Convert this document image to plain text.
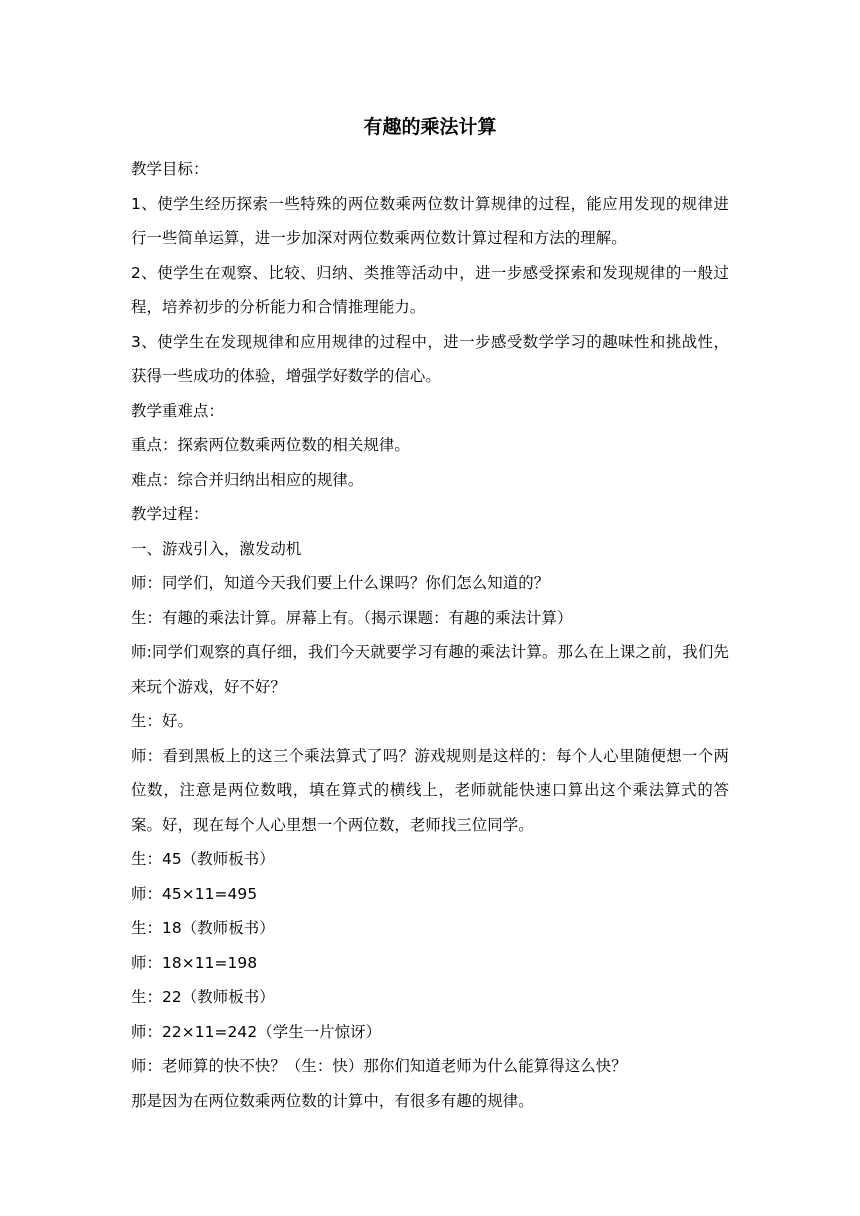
有趣的乘法计算

教学目标：

1、使学生经历探索一些特殊的两位数乘两位数计算规律的过程，能应用发现的规律进行一些简单运算，进一步加深对两位数乘两位数计算过程和方法的理解。

2、使学生在观察、比较、归纳、类推等活动中，进一步感受探索和发现规律的一般过程，培养初步的分析能力和合情推理能力。

3、使学生在发现规律和应用规律的过程中，进一步感受数学学习的趣味性和挑战性，获得一些成功的体验，增强学好数学的信心。

教学重难点：

重点：探索两位数乘两位数的相关规律。

难点：综合并归纳出相应的规律。

教学过程：

一、游戏引入，激发动机

师：同学们，知道今天我们要上什么课吗？你们怎么知道的？

生：有趣的乘法计算。屏幕上有。（揭示课题：有趣的乘法计算）

师:同学们观察的真仔细，我们今天就要学习有趣的乘法计算。那么在上课之前，我们先来玩个游戏，好不好？

生：好。

师：看到黑板上的这三个乘法算式了吗？游戏规则是这样的：每个人心里随便想一个两位数，注意是两位数哦，填在算式的横线上，老师就能快速口算出这个乘法算式的答案。好，现在每个人心里想一个两位数，老师找三位同学。

生：45（教师板书）

师：45×11=495

生：18（教师板书）

师：18×11=198

生：22（教师板书）

师：22×11=242（学生一片惊讶）

师：老师算的快不快？（生：快）那你们知道老师为什么能算得这么快？

那是因为在两位数乘两位数的计算中，有很多有趣的规律。
